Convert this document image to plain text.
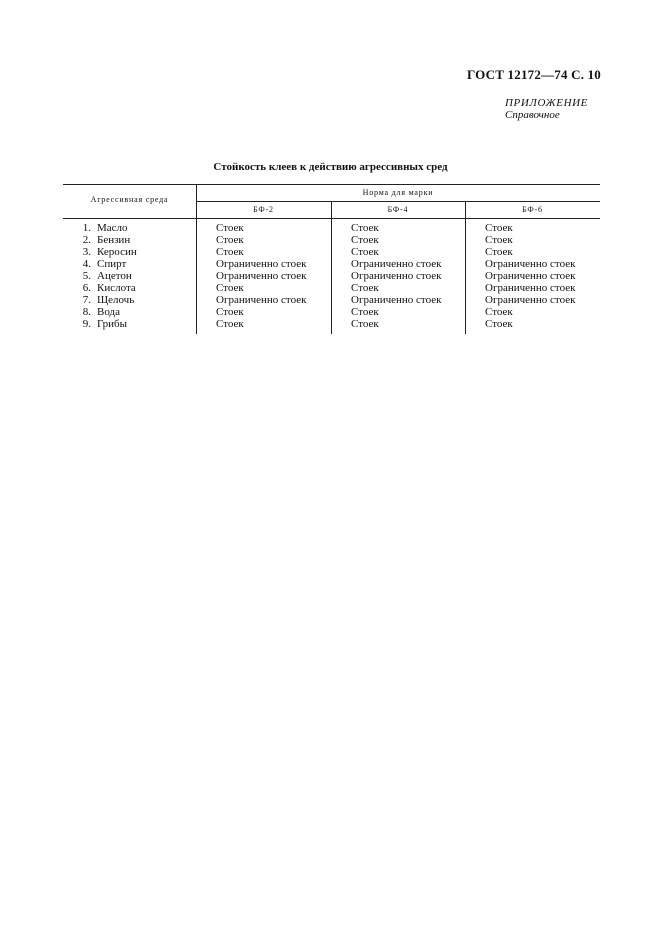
ГОСТ 12172—74 С. 10
ПРИЛОЖЕНИЕ
Справочное
Стойкость клеев к действию агрессивных сред
Агрессивная среда
Норма для марки
БФ-2	БФ-4	БФ-6
1. Масло	Стоек	Стоек	Стоек
2. Бензин	Стоек	Стоек	Стоек
3. Керосин	Стоек	Стоек	Стоек
4. Спирт	Ограниченно стоек	Ограниченно стоек	Ограниченно стоек
5. Ацетон	Ограниченно стоек	Ограниченно стоек	Ограниченно стоек
6. Кислота	Стоек	Стоек	Ограниченно стоек
7. Щелочь	Ограниченно стоек	Ограниченно стоек	Ограниченно стоек
8. Вода	Стоек	Стоек	Стоек
9. Грибы	Стоек	Стоек	Стоек
